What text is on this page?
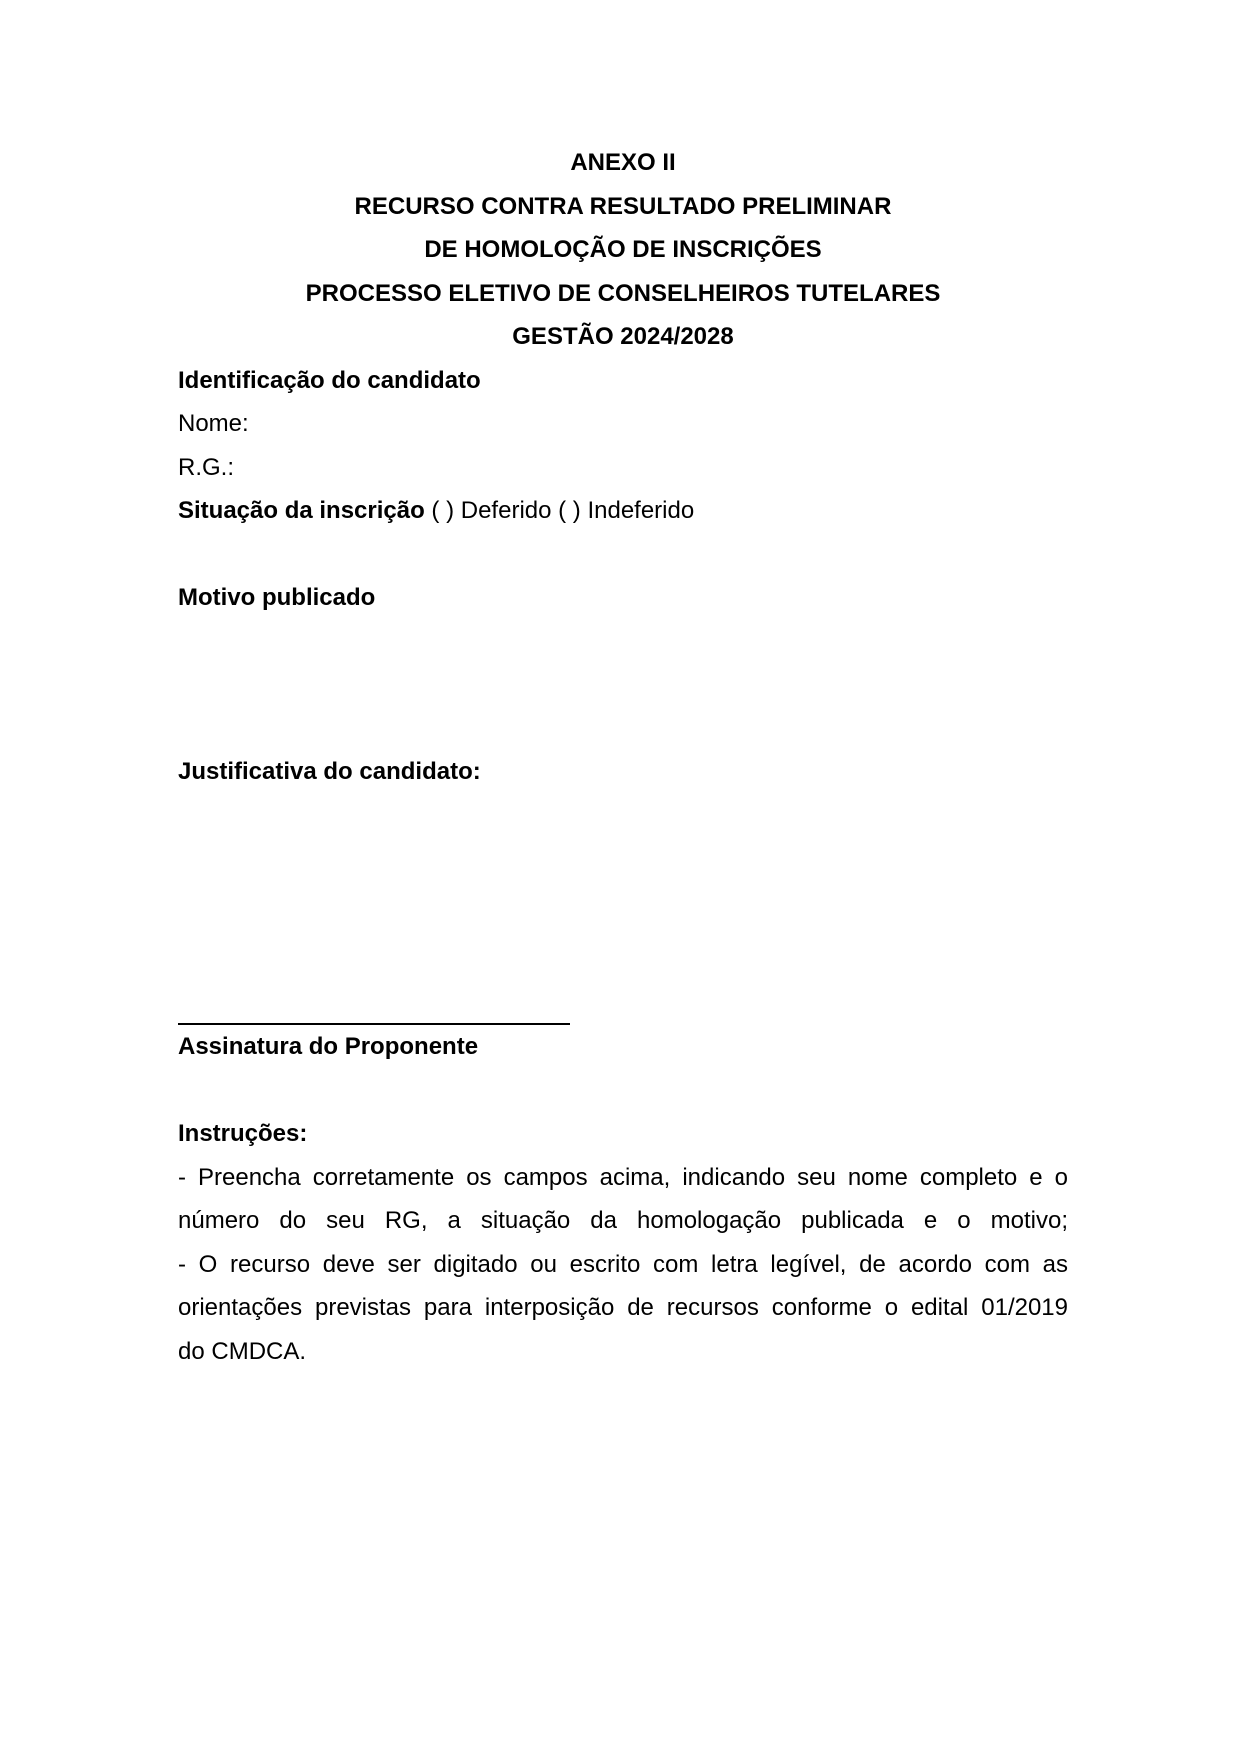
ANEXO II
RECURSO CONTRA RESULTADO PRELIMINAR
DE HOMOLOÇÃO DE INSCRIÇÕES
PROCESSO ELETIVO DE CONSELHEIROS TUTELARES
GESTÃO 2024/2028
Identificação do candidato
Nome:
R.G.:
Situação da inscrição ( ) Deferido ( ) Indeferido
Motivo publicado
Justificativa do candidato:
Assinatura do Proponente
Instruções:
- Preencha corretamente os campos acima, indicando seu nome completo e o
número do seu RG, a situação da homologação publicada e o motivo;
- O recurso deve ser digitado ou escrito com letra legível, de acordo com as
orientações previstas para interposição de recursos conforme o edital 01/2019
do CMDCA.
